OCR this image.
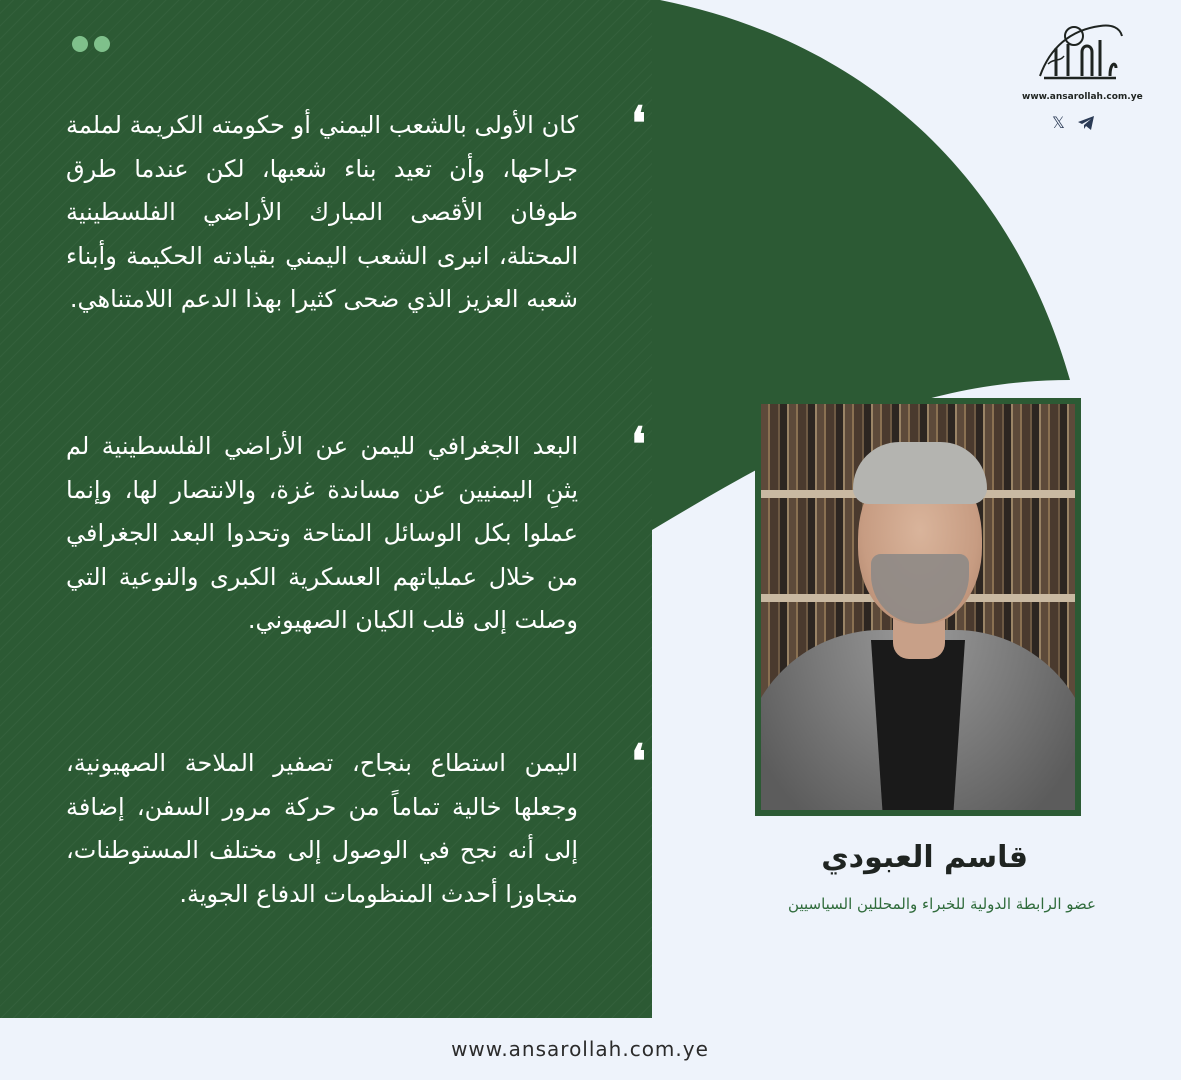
❛

كان الأولى بالشعب اليمني أو حكومته الكريمة لملمة جراحها، وأن تعيد بناء شعبها، لكن عندما طرق طوفان الأقصى المبارك الأراضي الفلسطينية المحتلة، انبرى الشعب اليمني بقيادته الحكيمة وأبناء شعبه العزيز الذي ضحى كثيرا بهذا الدعم اللامتناهي.

❛

البعد الجغرافي لليمن عن الأراضي الفلسطينية لم يثنِ اليمنيين عن مساندة غزة، والانتصار لها، وإنما عملوا بكل الوسائل المتاحة وتحدوا البعد الجغرافي من خلال عملياتهم العسكرية الكبرى والنوعية التي وصلت إلى قلب الكيان الصهيوني.

❛

اليمن استطاع بنجاح، تصفير الملاحة الصهيونية، وجعلها خالية تماماً من حركة مرور السفن، إضافة إلى أنه نجح في الوصول إلى مختلف المستوطنات، متجاوزا أحدث المنظومات الدفاع الجوية.

قاسم العبودي

عضو الرابطة الدولية للخبراء والمحللين السياسيين

www.ansarollah.com.ye
𝕏

www.ansarollah.com.ye
